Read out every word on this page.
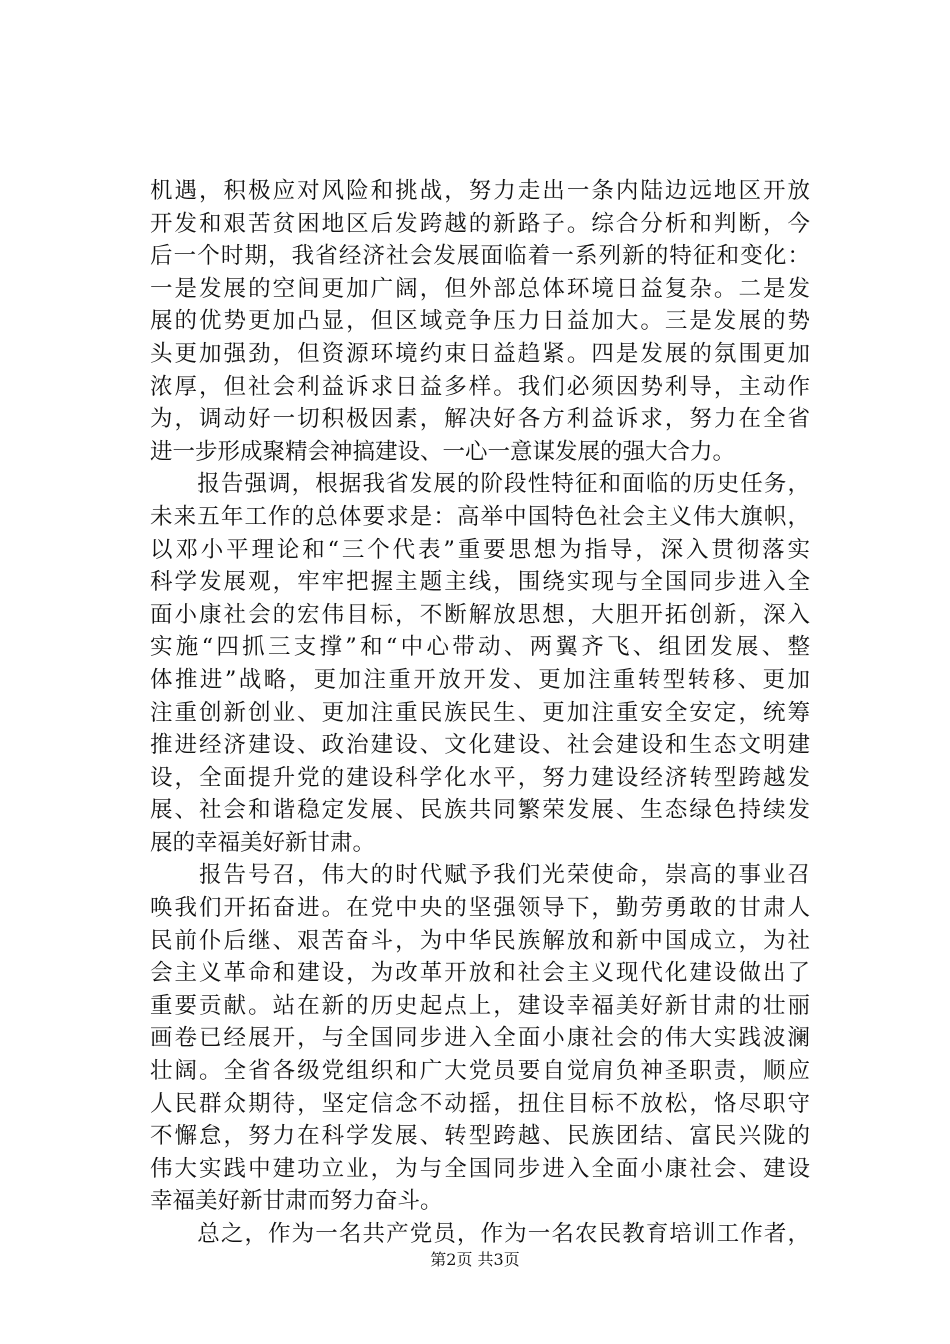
机遇，积极应对风险和挑战，努力走出一条内陆边远地区开放
开发和艰苦贫困地区后发跨越的新路子。综合分析和判断，今
后一个时期，我省经济社会发展面临着一系列新的特征和变化：
一是发展的空间更加广阔，但外部总体环境日益复杂。二是发
展的优势更加凸显，但区域竞争压力日益加大。三是发展的势
头更加强劲，但资源环境约束日益趋紧。四是发展的氛围更加
浓厚，但社会利益诉求日益多样。我们必须因势利导，主动作
为，调动好一切积极因素，解决好各方利益诉求，努力在全省
进一步形成聚精会神搞建设、一心一意谋发展的强大合力。
　　报告强调，根据我省发展的阶段性特征和面临的历史任务，
未来五年工作的总体要求是：高举中国特色社会主义伟大旗帜，
以邓小平理论和“三个代表”重要思想为指导，深入贯彻落实
科学发展观，牢牢把握主题主线，围绕实现与全国同步进入全
面小康社会的宏伟目标，不断解放思想，大胆开拓创新，深入
实施“四抓三支撑”和“中心带动、两翼齐飞、组团发展、整
体推进”战略，更加注重开放开发、更加注重转型转移、更加
注重创新创业、更加注重民族民生、更加注重安全安定，统筹
推进经济建设、政治建设、文化建设、社会建设和生态文明建
设，全面提升党的建设科学化水平，努力建设经济转型跨越发
展、社会和谐稳定发展、民族共同繁荣发展、生态绿色持续发
展的幸福美好新甘肃。
　　报告号召，伟大的时代赋予我们光荣使命，崇高的事业召
唤我们开拓奋进。在党中央的坚强领导下，勤劳勇敢的甘肃人
民前仆后继、艰苦奋斗，为中华民族解放和新中国成立，为社
会主义革命和建设，为改革开放和社会主义现代化建设做出了
重要贡献。站在新的历史起点上，建设幸福美好新甘肃的壮丽
画卷已经展开，与全国同步进入全面小康社会的伟大实践波澜
壮阔。全省各级党组织和广大党员要自觉肩负神圣职责，顺应
人民群众期待，坚定信念不动摇，扭住目标不放松，恪尽职守
不懈怠，努力在科学发展、转型跨越、民族团结、富民兴陇的
伟大实践中建功立业，为与全国同步进入全面小康社会、建设
幸福美好新甘肃而努力奋斗。
　　总之，作为一名共产党员，作为一名农民教育培训工作者，
第2页 共3页
